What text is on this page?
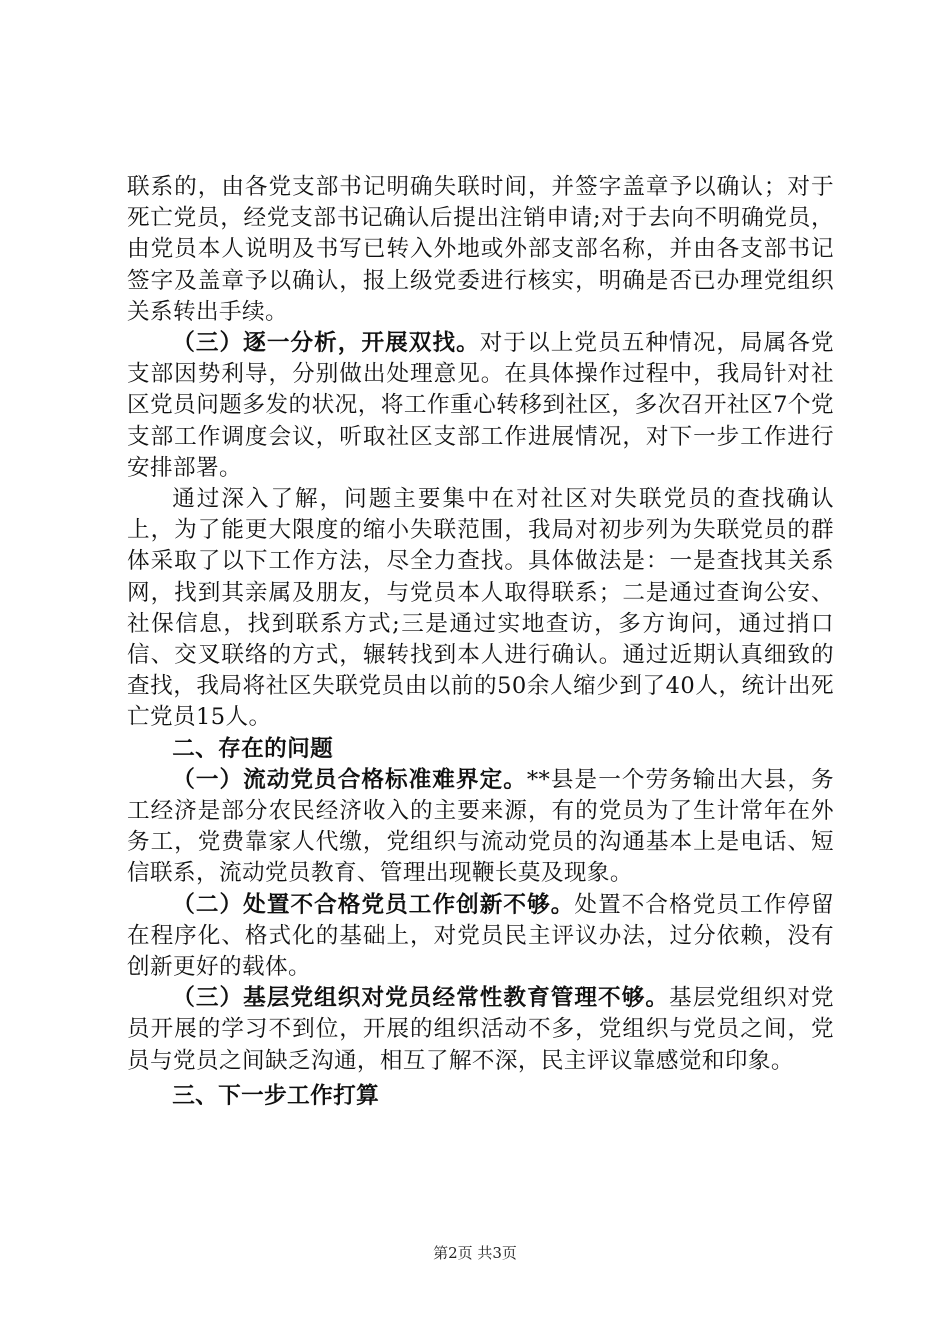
联系的，由各党支部书记明确失联时间，并签字盖章予以确认；对于死亡党员，经党支部书记确认后提出注销申请;对于去向不明确党员，由党员本人说明及书写已转入外地或外部支部名称，并由各支部书记签字及盖章予以确认，报上级党委进行核实，明确是否已办理党组织关系转出手续。

（三）逐一分析，开展双找。对于以上党员五种情况，局属各党支部因势利导，分别做出处理意见。在具体操作过程中，我局针对社区党员问题多发的状况，将工作重心转移到社区，多次召开社区7个党支部工作调度会议，听取社区支部工作进展情况，对下一步工作进行安排部署。

通过深入了解，问题主要集中在对社区对失联党员的查找确认上，为了能更大限度的缩小失联范围，我局对初步列为失联党员的群体采取了以下工作方法，尽全力查找。具体做法是：一是查找其关系网，找到其亲属及朋友，与党员本人取得联系；二是通过查询公安、社保信息，找到联系方式;三是通过实地查访，多方询问，通过捎口信、交叉联络的方式，辗转找到本人进行确认。通过近期认真细致的查找，我局将社区失联党员由以前的50余人缩少到了40人，统计出死亡党员15人。

二、存在的问题

（一）流动党员合格标准难界定。**县是一个劳务输出大县，务工经济是部分农民经济收入的主要来源，有的党员为了生计常年在外务工，党费靠家人代缴，党组织与流动党员的沟通基本上是电话、短信联系，流动党员教育、管理出现鞭长莫及现象。

（二）处置不合格党员工作创新不够。处置不合格党员工作停留在程序化、格式化的基础上，对党员民主评议办法，过分依赖，没有创新更好的载体。

（三）基层党组织对党员经常性教育管理不够。基层党组织对党员开展的学习不到位，开展的组织活动不多，党组织与党员之间，党员与党员之间缺乏沟通，相互了解不深，民主评议靠感觉和印象。

三、下一步工作打算

第2页 共3页
